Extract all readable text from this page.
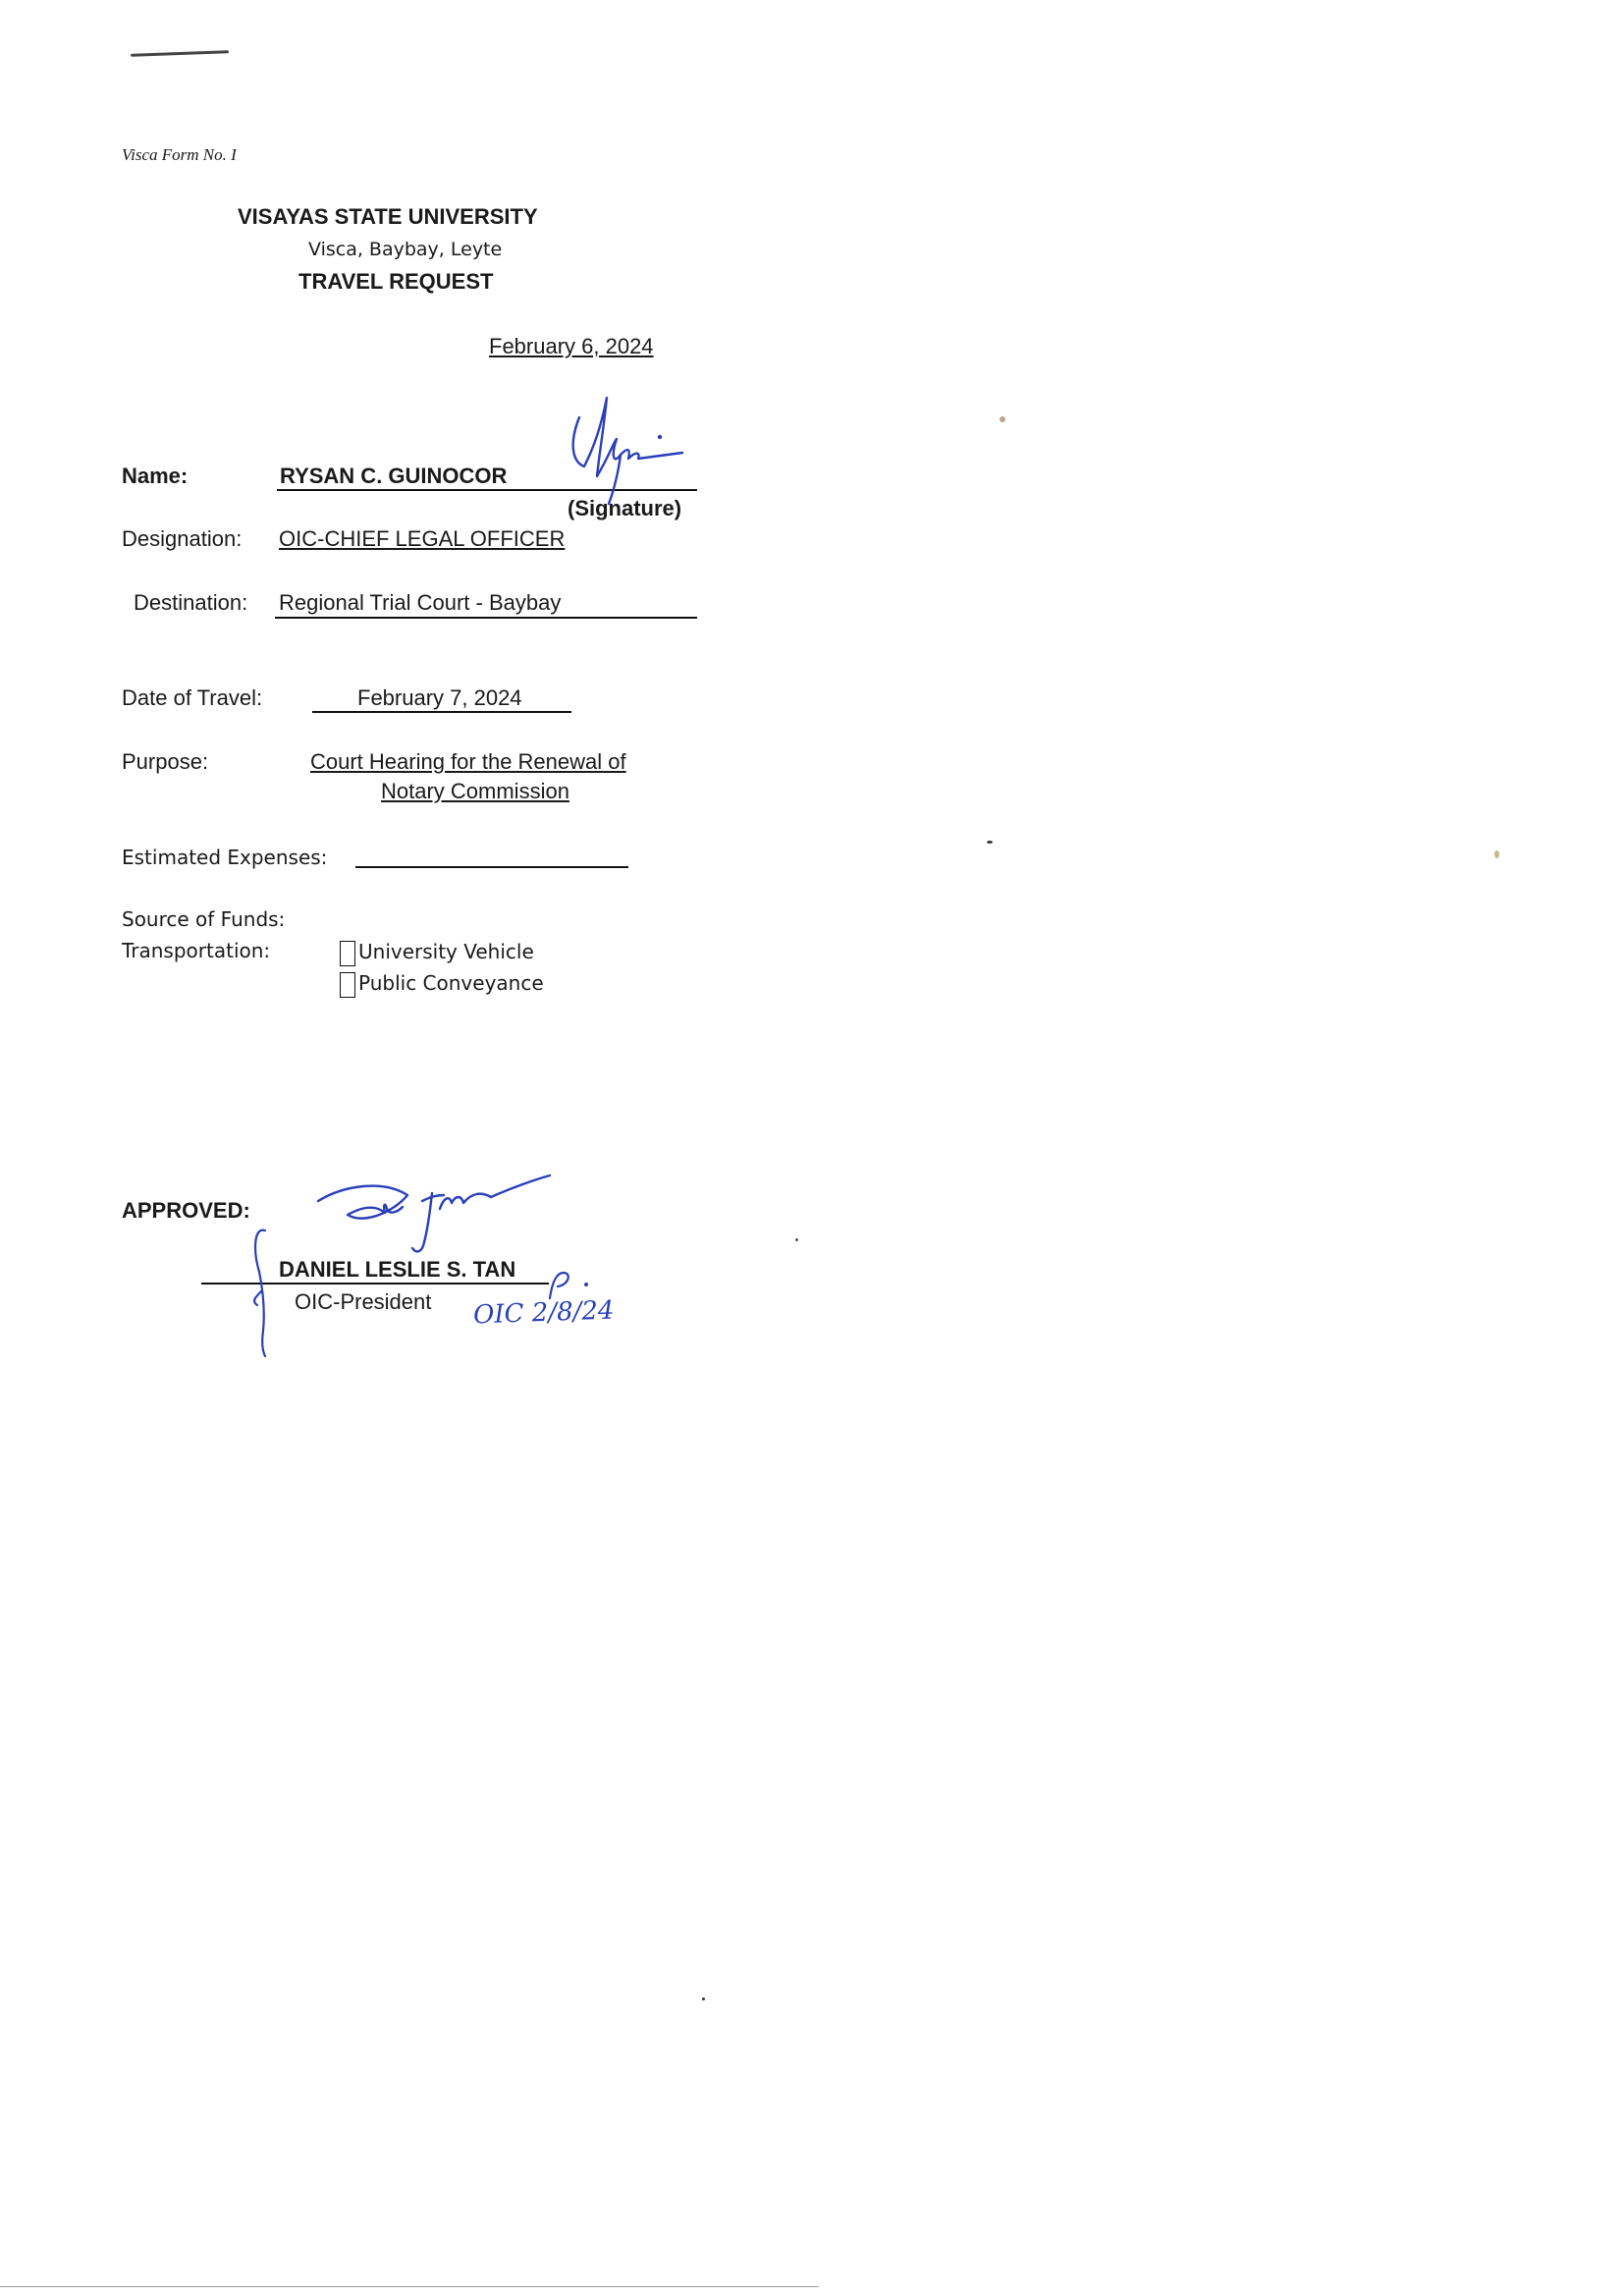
Visca Form No. I
VISAYAS STATE UNIVERSITY
Visca, Baybay, Leyte
TRAVEL REQUEST
February 6, 2024
Name:	RYSAN C. GUINOCOR
(Signature)
Designation: OIC-CHIEF LEGAL OFFICER
Destination: Regional Trial Court - Baybay
Date of Travel:	February 7, 2024
Purpose:	Court Hearing for the Renewal of
Notary Commission
Estimated Expenses:
Source of Funds:
Transportation:	University Vehicle
Public Conveyance
APPROVED:
DANIEL LESLIE S. TAN
OIC-President OIC 2/8/24
